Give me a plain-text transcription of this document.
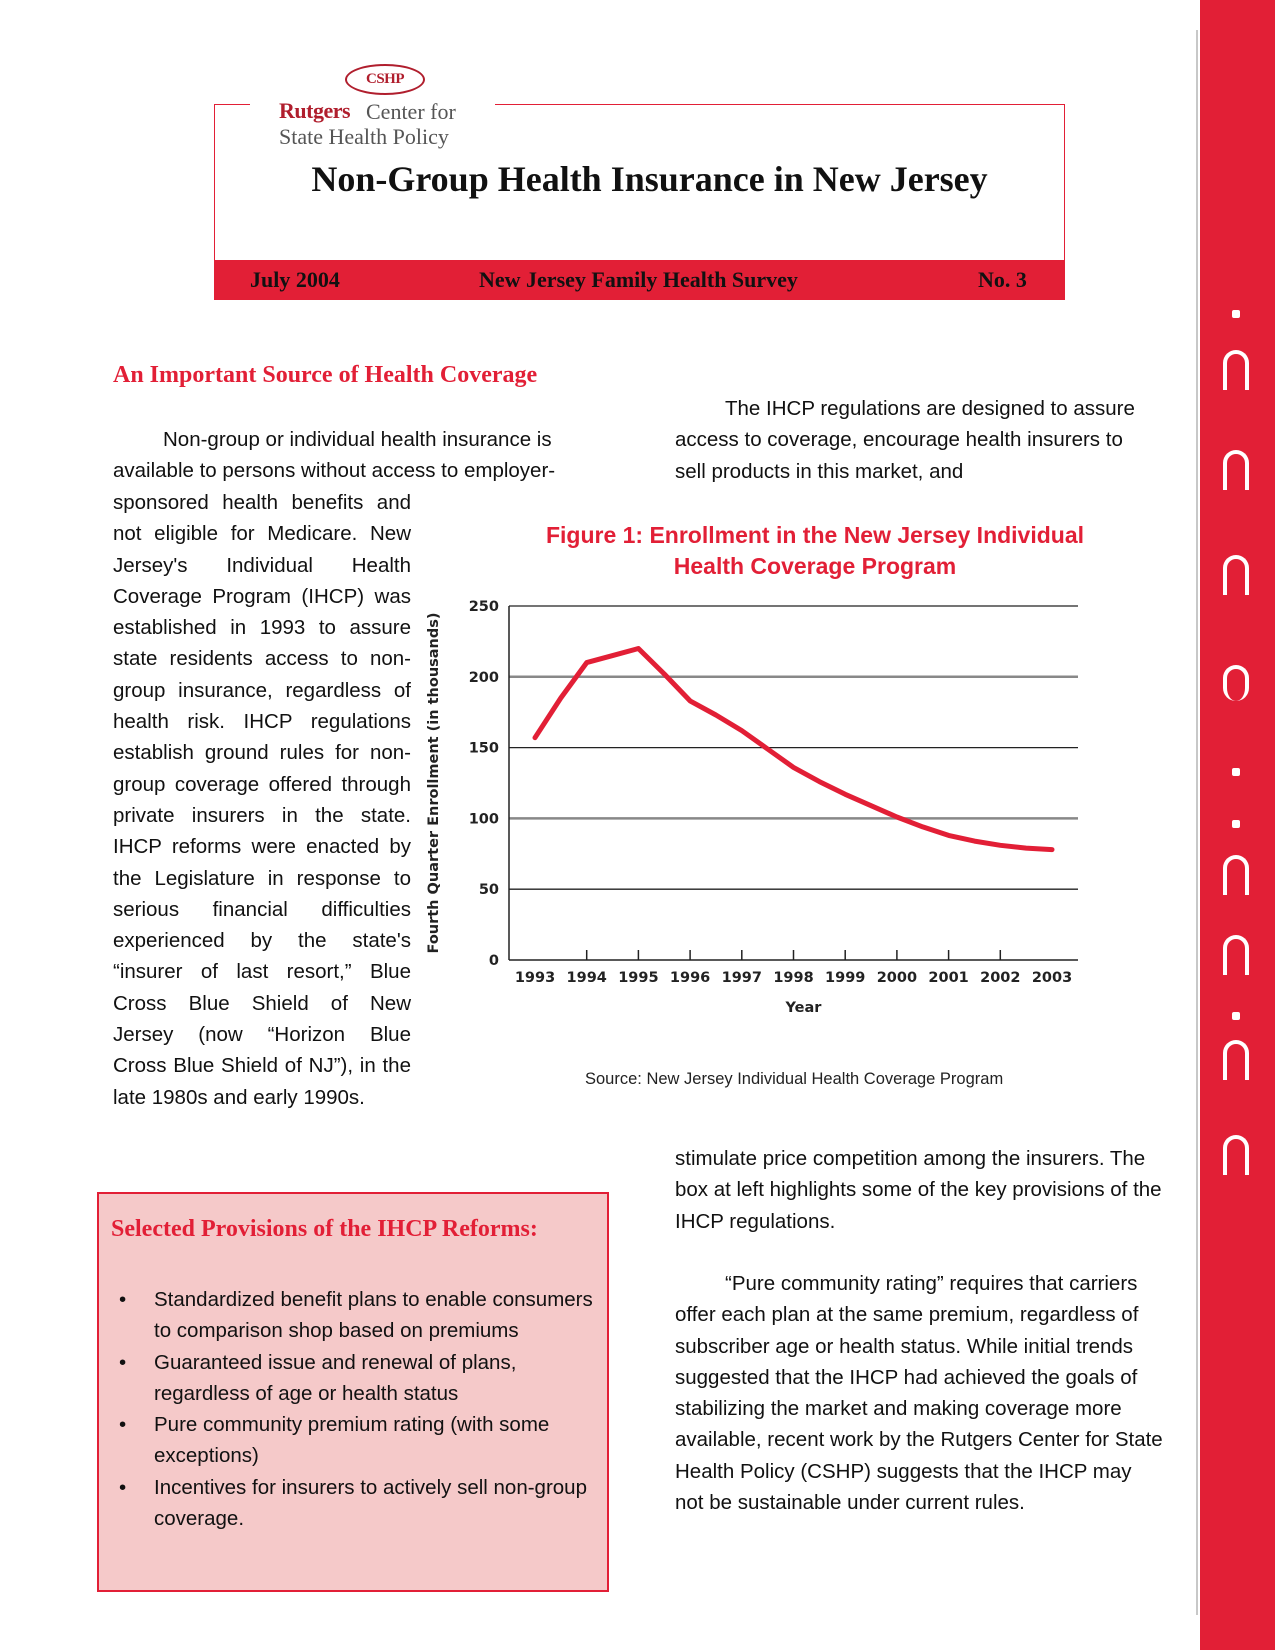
CSHP
Rutgers Center for
State Health Policy
Non-Group Health Insurance in New Jersey
July 2004	New Jersey Family Health Survey	No. 3
An Important Source of Health Coverage

Non-group or individual health insurance is available to persons without access to employer-

sponsored health benefits and not eligible for Medicare. New Jersey's Individual Health Coverage Program (IHCP) was established in 1993 to assure state residents access to non-group insurance, regardless of health risk. IHCP regulations establish ground rules for non-group coverage offered through private insurers in the state. IHCP reforms were enacted by the Legislature in response to serious financial difficulties experienced by the state's “insurer of last resort,” Blue Cross Blue Shield of New Jersey (now “Horizon Blue Cross Blue Shield of NJ”), in the late 1980s and early 1990s.

The IHCP regulations are designed to assure access to coverage, encourage health insurers to sell products in this market, and

Figure 1: Enrollment in the New Jersey Individual
Health Coverage Program
0
50
100
150
200
250
1993 1994 1995 1996 1997 1998 1999 2000 2001 2002 2003
Year
Fourth Quarter Enrollment (in thousands)
Source: New Jersey Individual Health Coverage Program

stimulate price competition among the insurers. The box at left highlights some of the key provisions of the IHCP regulations.

“Pure community rating” requires that carriers offer each plan at the same premium, regardless of subscriber age or health status. While initial trends suggested that the IHCP had achieved the goals of stabilizing the market and making coverage more available, recent work by the Rutgers Center for State Health Policy (CSHP) suggests that the IHCP may not be sustainable under current rules.

Selected Provisions of the IHCP Reforms:
• Standardized benefit plans to enable consumers to comparison shop based on premiums
• Guaranteed issue and renewal of plans, regardless of age or health status
• Pure community premium rating (with some exceptions)
• Incentives for insurers to actively sell non-group coverage.
